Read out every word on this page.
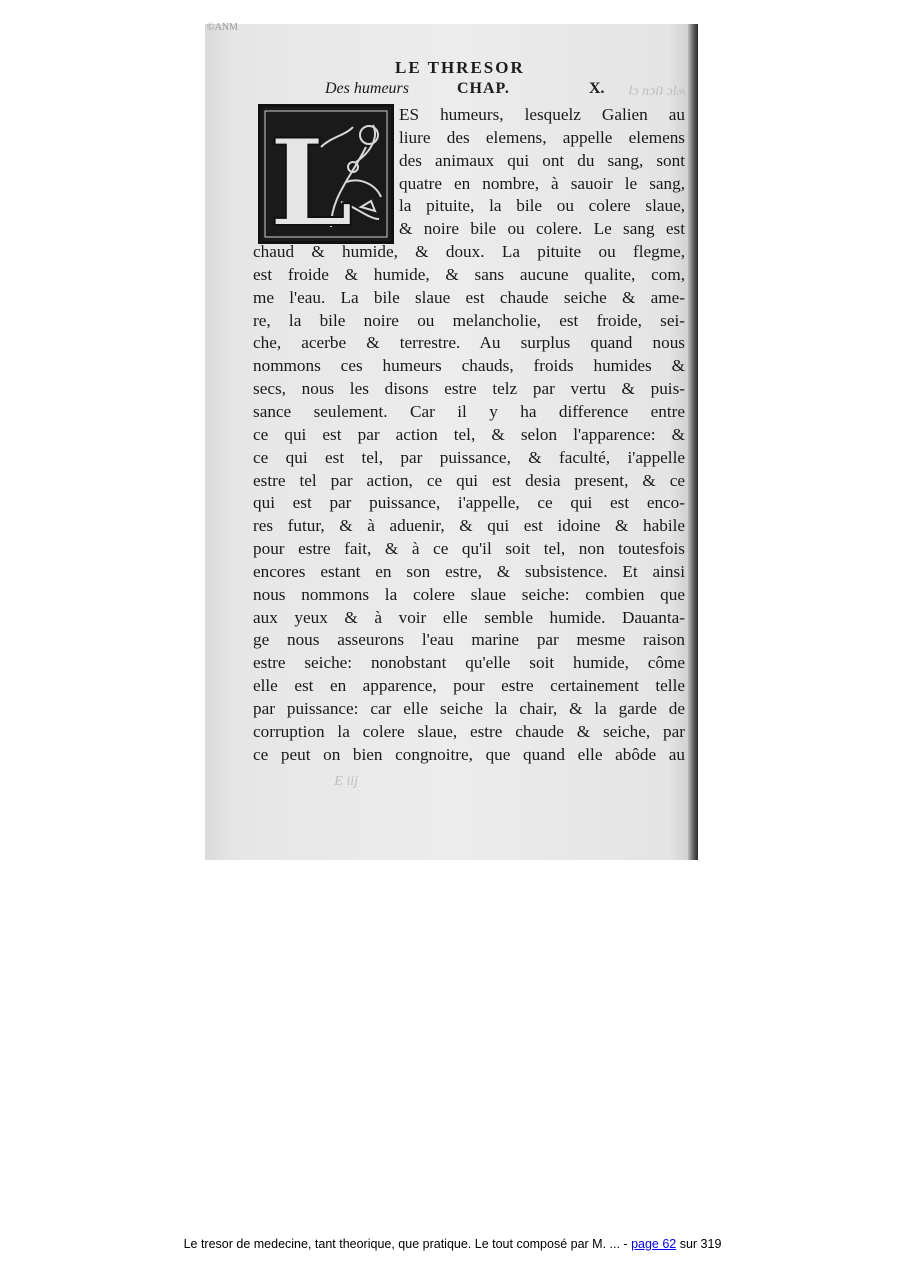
©ANM
lɔ nɔiʇ ɔlʍ
E iij
LE THRESOR
Des humeurs	CHAP.	X.
L	ES humeurs, lesquelz Galien au
liure des elemens, appelle elemens
des animaux qui ont du sang, sont
quatre en nombre, à sauoir le sang,
la pituite, la bile ou colere slaue,
& noire bile ou colere. Le sang est
chaud & humide, & doux. La pituite ou flegme,
est froide & humide, & sans aucune qualite, com,
me l'eau. La bile slaue est chaude seiche & ame-
re, la bile noire ou melancholie, est froide, sei-
che, acerbe & terrestre. Au surplus quand nous
nommons ces humeurs chauds, froids humides &
secs, nous les disons estre telz par vertu & puis-
sance seulement. Car il y ha difference entre
ce qui est par action tel, & selon l'apparence: &
ce qui est tel, par puissance, & faculté, i'appelle
estre tel par action, ce qui est desia present, & ce
qui est par puissance, i'appelle, ce qui est enco-
res futur, & à aduenir, & qui est idoine & habile
pour estre fait, & à ce qu'il soit tel, non toutesfois
encores estant en son estre, & subsistence. Et ainsi
nous nommons la colere slaue seiche: combien que
aux yeux & à voir elle semble humide. Dauanta-
ge nous asseurons l'eau marine par mesme raison
estre seiche: nonobstant qu'elle soit humide, côme
elle est en apparence, pour estre certainement telle
par puissance: car elle seiche la chair, & la garde de
corruption la colere slaue, estre chaude & seiche, par
ce peut on bien congnoitre, que quand elle abôde au
Le tresor de medecine, tant theorique, que pratique. Le tout composé par M. ... - page 62 sur 319
